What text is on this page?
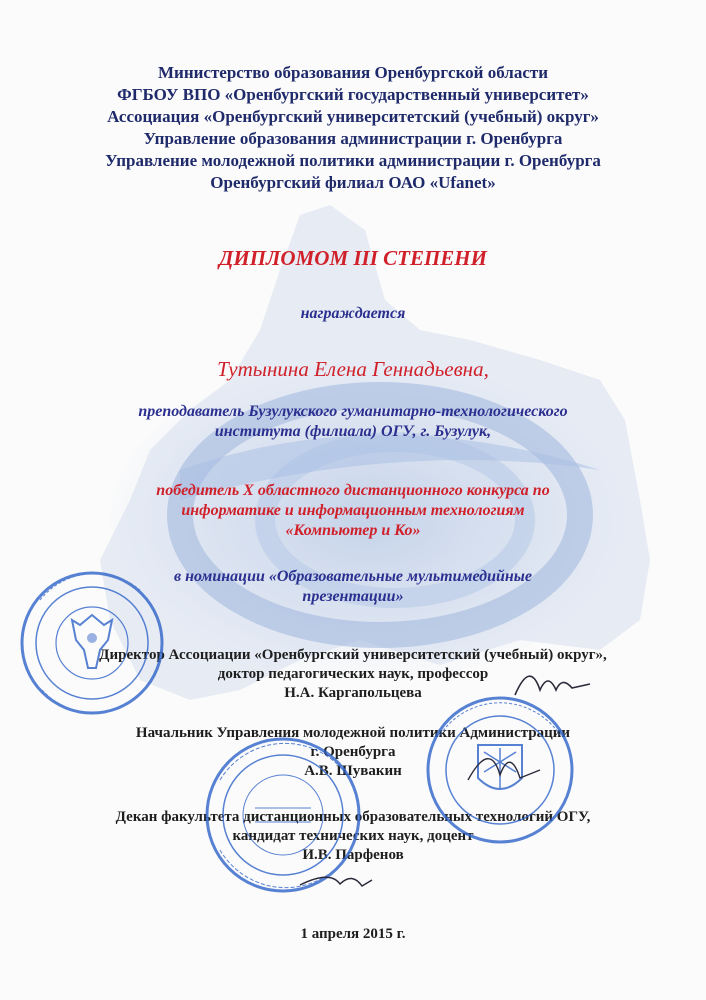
Министерство образования Оренбургской области
ФГБОУ ВПО «Оренбургский государственный университет»
Ассоциация «Оренбургский университетский (учебный) округ»
Управление образования администрации г. Оренбурга
Управление молодежной политики администрации г. Оренбурга
Оренбургский филиал ОАО «Ufanet»
ДИПЛОМОМ III СТЕПЕНИ
награждается
Тутынина Елена Геннадьевна,
преподаватель Бузулукского гуманитарно-технологического
института (филиала) ОГУ, г. Бузулук,
победитель X областного дистанционного конкурса по
информатике и информационным технологиям
«Компьютер и Ко»
в номинации «Образовательные мультимедийные
презентации»
Директор Ассоциации «Оренбургский университетский (учебный) округ»,
доктор педагогических наук, профессор
Н.А. Каргапольцева
Начальник Управления молодежной политики Администрации
г. Оренбурга
А.В. Шувакин
Декан факультета дистанционных образовательных технологий ОГУ,
кандидат технических наук, доцент
И.В. Парфенов
1 апреля 2015 г.
